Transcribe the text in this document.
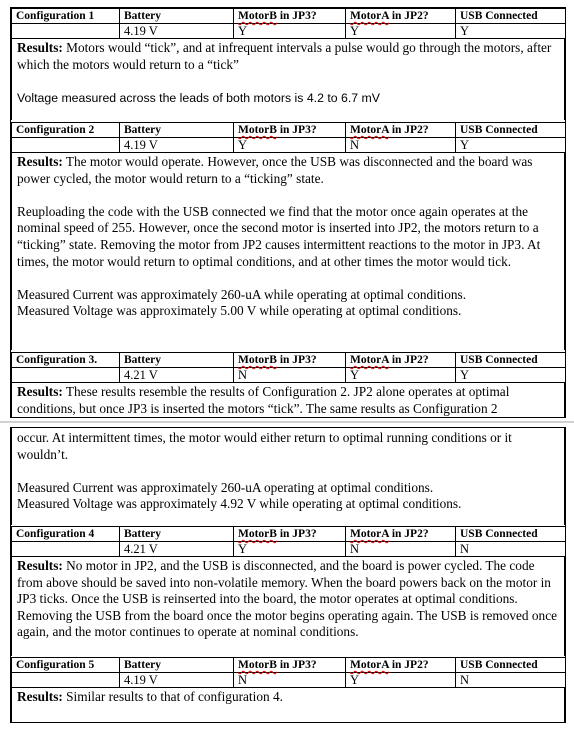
Configuration 1	Battery	MotorB in JP3?	MotorA in JP2?	USB Connected
	4.19 V	Y	Y	Y

Results: Motors would “tick”, and at infrequent intervals a pulse would go through the motors, after which the motors would return to a “tick”

Voltage measured across the leads of both motors is 4.2 to 6.7 mV

Configuration 2	Battery	MotorB in JP3?	MotorA in JP2?	USB Connected
	4.19 V	Y	N	Y

Results: The motor would operate. However, once the USB was disconnected and the board was power cycled, the motor would return to a “ticking” state.

Reuploading the code with the USB connected we find that the motor once again operates at the nominal speed of 255. However, once the second motor is inserted into JP2, the motors return to a “ticking” state. Removing the motor from JP2 causes intermittent reactions to the motor in JP3. At times, the motor would return to optimal conditions, and at other times the motor would tick.

Measured Current was approximately 260-uA while operating at optimal conditions.
Measured Voltage was approximately 5.00 V while operating at optimal conditions.

Configuration 3.	Battery	MotorB in JP3?	MotorA in JP2?	USB Connected
	4.21 V	N	Y	Y

Results: These results resemble the results of Configuration 2. JP2 alone operates at optimal conditions, but once JP3 is inserted the motors “tick”. The same results as Configuration 2

occur. At intermittent times, the motor would either return to optimal running conditions or it wouldn’t.

Measured Current was approximately 260-uA operating at optimal conditions.
Measured Voltage was approximately 4.92 V while operating at optimal conditions.

Configuration 4	Battery	MotorB in JP3?	MotorA in JP2?	USB Connected
	4.21 V	Y	N	N

Results: No motor in JP2, and the USB is disconnected, and the board is power cycled. The code from above should be saved into non-volatile memory. When the board powers back on the motor in JP3 ticks. Once the USB is reinserted into the board, the motor operates at optimal conditions. Removing the USB from the board once the motor begins operating again. The USB is removed once again, and the motor continues to operate at nominal conditions.

Configuration 5	Battery	MotorB in JP3?	MotorA in JP2?	USB Connected
	4.19 V	N	Y	N

Results: Similar results to that of configuration 4.
